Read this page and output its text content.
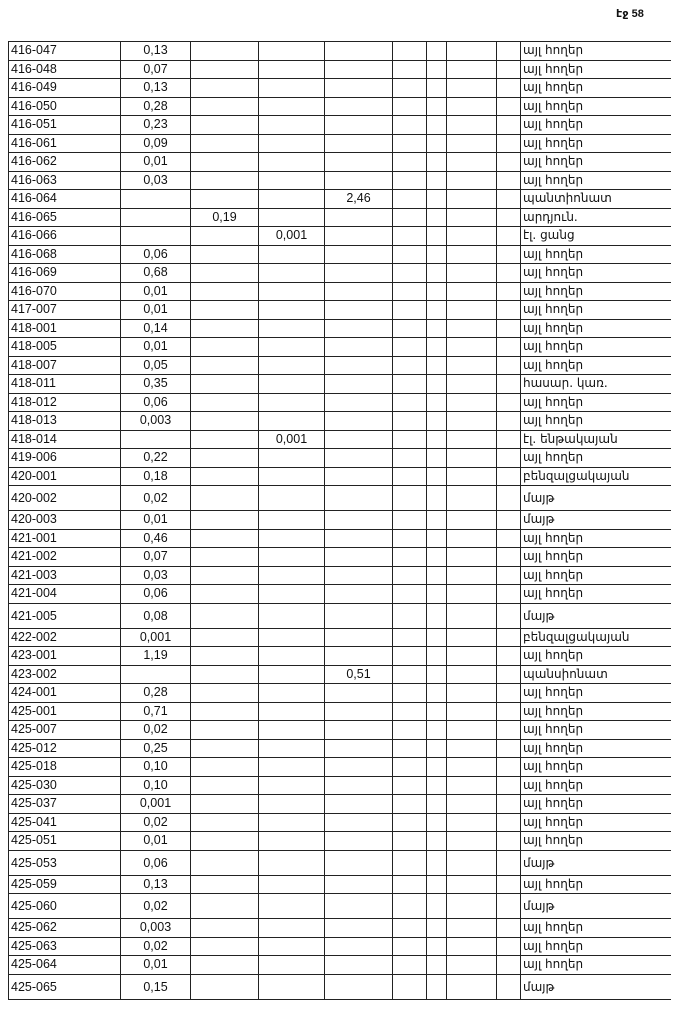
էջ 58
416-047	0,13								այլ հողեր
416-048	0,07								այլ հողեր
416-049	0,13								այլ հողեր
416-050	0,28								այլ հողեր
416-051	0,23								այլ հողեր
416-061	0,09								այլ հողեր
416-062	0,01								այլ հողեր
416-063	0,03								այլ հողեր
416-064				2,46					պանտիոնատ
416-065		0,19							արդյուն.
416-066			0,001						էլ. ցանց
416-068	0,06								այլ հողեր
416-069	0,68								այլ հողեր
416-070	0,01								այլ հողեր
417-007	0,01								այլ հողեր
418-001	0,14								այլ հողեր
418-005	0,01								այլ հողեր
418-007	0,05								այլ հողեր
418-011	0,35								հասար. կառ.
418-012	0,06								այլ հողեր
418-013	0,003								այլ հողեր
418-014			0,001						էլ. ենթակայան
419-006	0,22								այլ հողեր
420-001	0,18								բենզալցակայան
420-002	0,02								մայթ
420-003	0,01								մայթ
421-001	0,46								այլ հողեր
421-002	0,07								այլ հողեր
421-003	0,03								այլ հողեր
421-004	0,06								այլ հողեր
421-005	0,08								մայթ
422-002	0,001								բենզալցակայան
423-001	1,19								այլ հողեր
423-002				0,51					պանսիոնատ
424-001	0,28								այլ հողեր
425-001	0,71								այլ հողեր
425-007	0,02								այլ հողեր
425-012	0,25								այլ հողեր
425-018	0,10								այլ հողեր
425-030	0,10								այլ հողեր
425-037	0,001								այլ հողեր
425-041	0,02								այլ հողեր
425-051	0,01								այլ հողեր
425-053	0,06								մայթ
425-059	0,13								այլ հողեր
425-060	0,02								մայթ
425-062	0,003								այլ հողեր
425-063	0,02								այլ հողեր
425-064	0,01								այլ հողեր
425-065	0,15								մայթ
